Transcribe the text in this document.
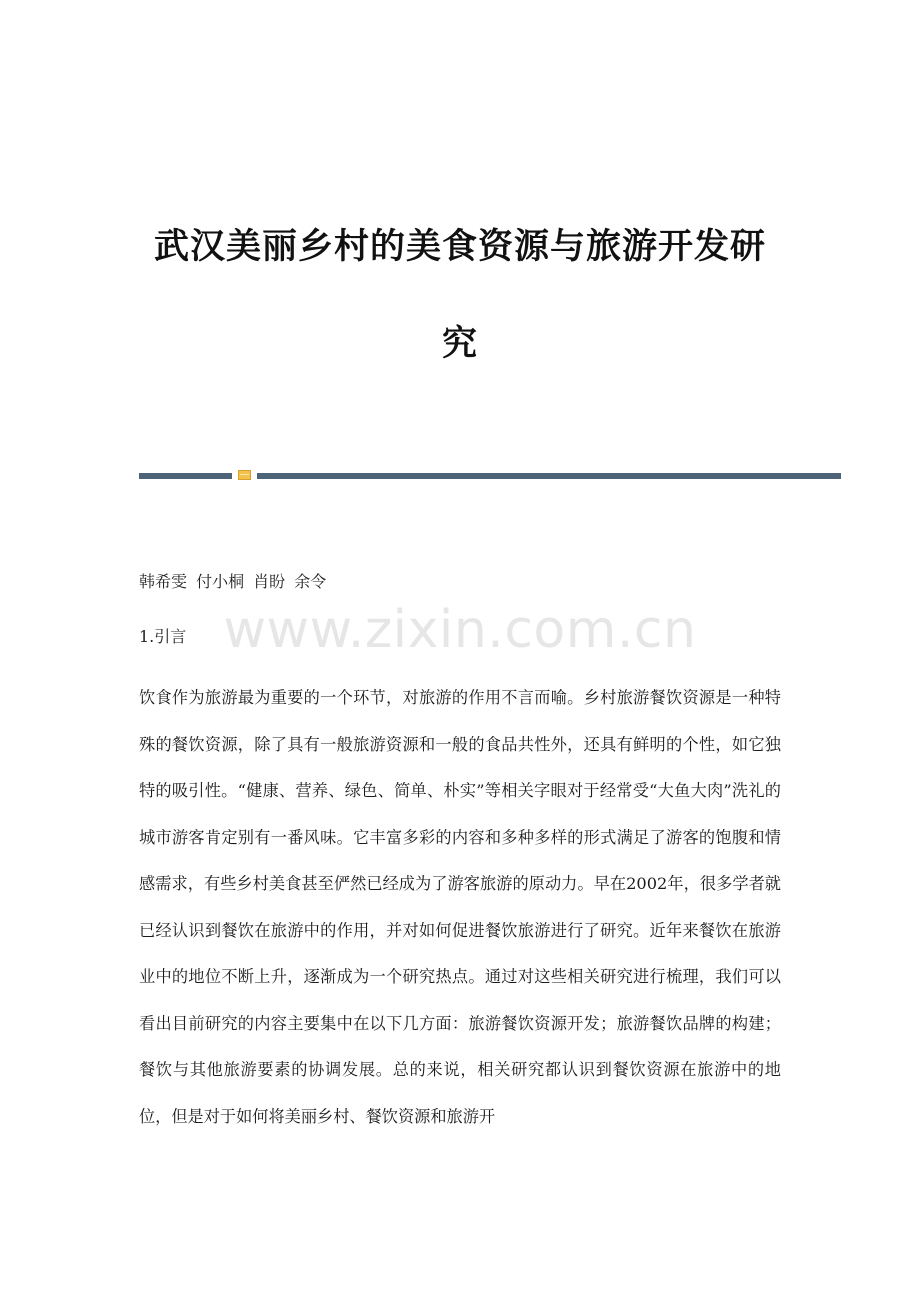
武汉美丽乡村的美食资源与旅游开发研
究
韩希雯 付小桐 肖盼 余令
1.引言 www.zixin.com.cn

饮食作为旅游最为重要的一个环节，对旅游的作用不言而喻。乡村旅游餐饮资源是一种特殊的餐饮资源，除了具有一般旅游资源和一般的食品共性外，还具有鲜明的个性，如它独特的吸引性。“健康、营养、绿色、简单、朴实”等相关字眼对于经常受“大鱼大肉”洗礼的城市游客肯定别有一番风味。它丰富多彩的内容和多种多样的形式满足了游客的饱腹和情感需求，有些乡村美食甚至俨然已经成为了游客旅游的原动力。早在2002年，很多学者就已经认识到餐饮在旅游中的作用，并对如何促进餐饮旅游进行了研究。近年来餐饮在旅游业中的地位不断上升，逐渐成为一个研究热点。通过对这些相关研究进行梳理，我们可以看出目前研究的内容主要集中在以下几方面：旅游餐饮资源开发；旅游餐饮品牌的构建；餐饮与其他旅游要素的协调发展。总的来说，相关研究都认识到餐饮资源在旅游中的地位，但是对于如何将美丽乡村、餐饮资源和旅游开
